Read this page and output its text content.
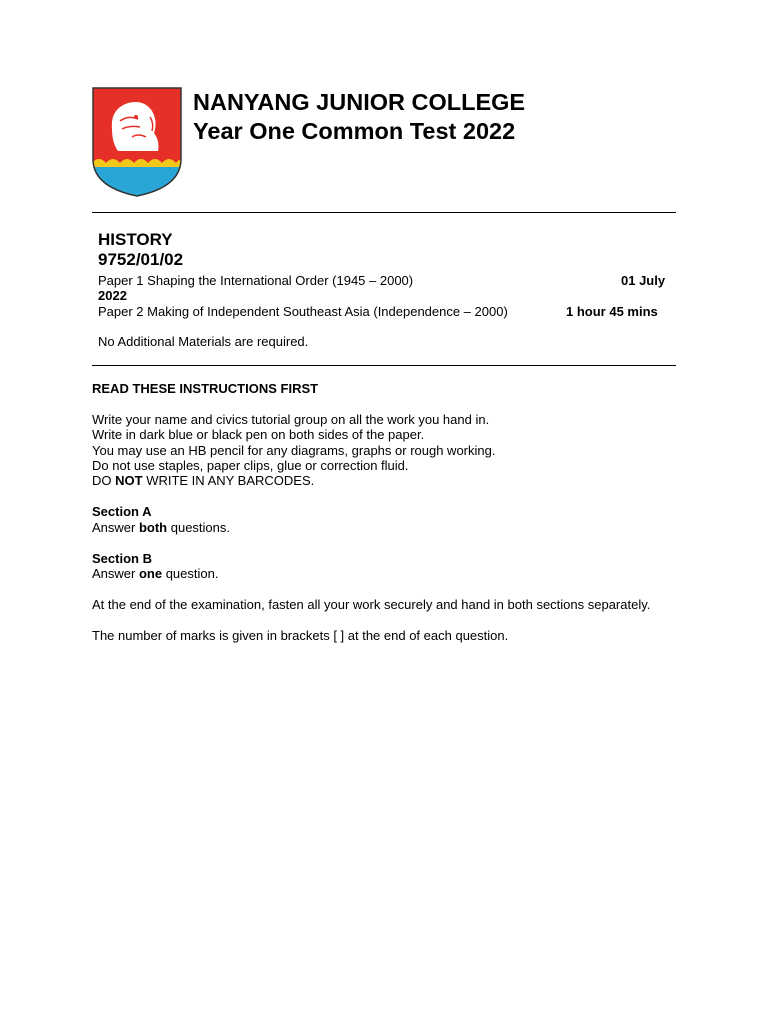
NANYANG JUNIOR COLLEGE
Year One Common Test 2022
HISTORY
9752/01/02
Paper 1 Shaping the International Order (1945 – 2000)	01 July
2022
Paper 2 Making of Independent Southeast Asia (Independence – 2000)	1 hour 45 mins
No Additional Materials are required.
READ THESE INSTRUCTIONS FIRST
Write your name and civics tutorial group on all the work you hand in.
Write in dark blue or black pen on both sides of the paper.
You may use an HB pencil for any diagrams, graphs or rough working.
Do not use staples, paper clips, glue or correction fluid.
DO NOT WRITE IN ANY BARCODES.
Section A
Answer both questions.
Section B
Answer one question.
At the end of the examination, fasten all your work securely and hand in both sections separately.
The number of marks is given in brackets [ ] at the end of each question.
